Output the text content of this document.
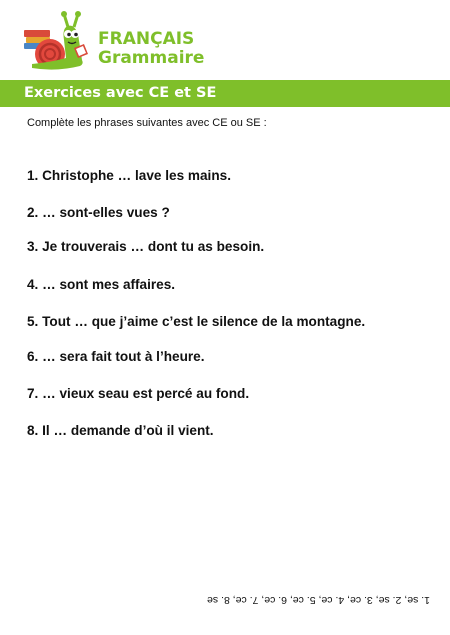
FRANÇAIS
Grammaire
Exercices avec CE et SE
Complète les phrases suivantes avec CE ou SE :
1. Christophe … lave les mains.
2. … sont-elles vues ?
3. Je trouverais … dont tu as besoin.
4. … sont mes affaires.
5. Tout … que j’aime c’est le silence de la montagne.
6. … sera fait tout à l’heure.
7. … vieux seau est percé au fond.
8. Il … demande d’où il vient.
1. se, 2. se, 3. ce, 4. ce, 5. ce, 6. ce, 7. ce, 8. se
